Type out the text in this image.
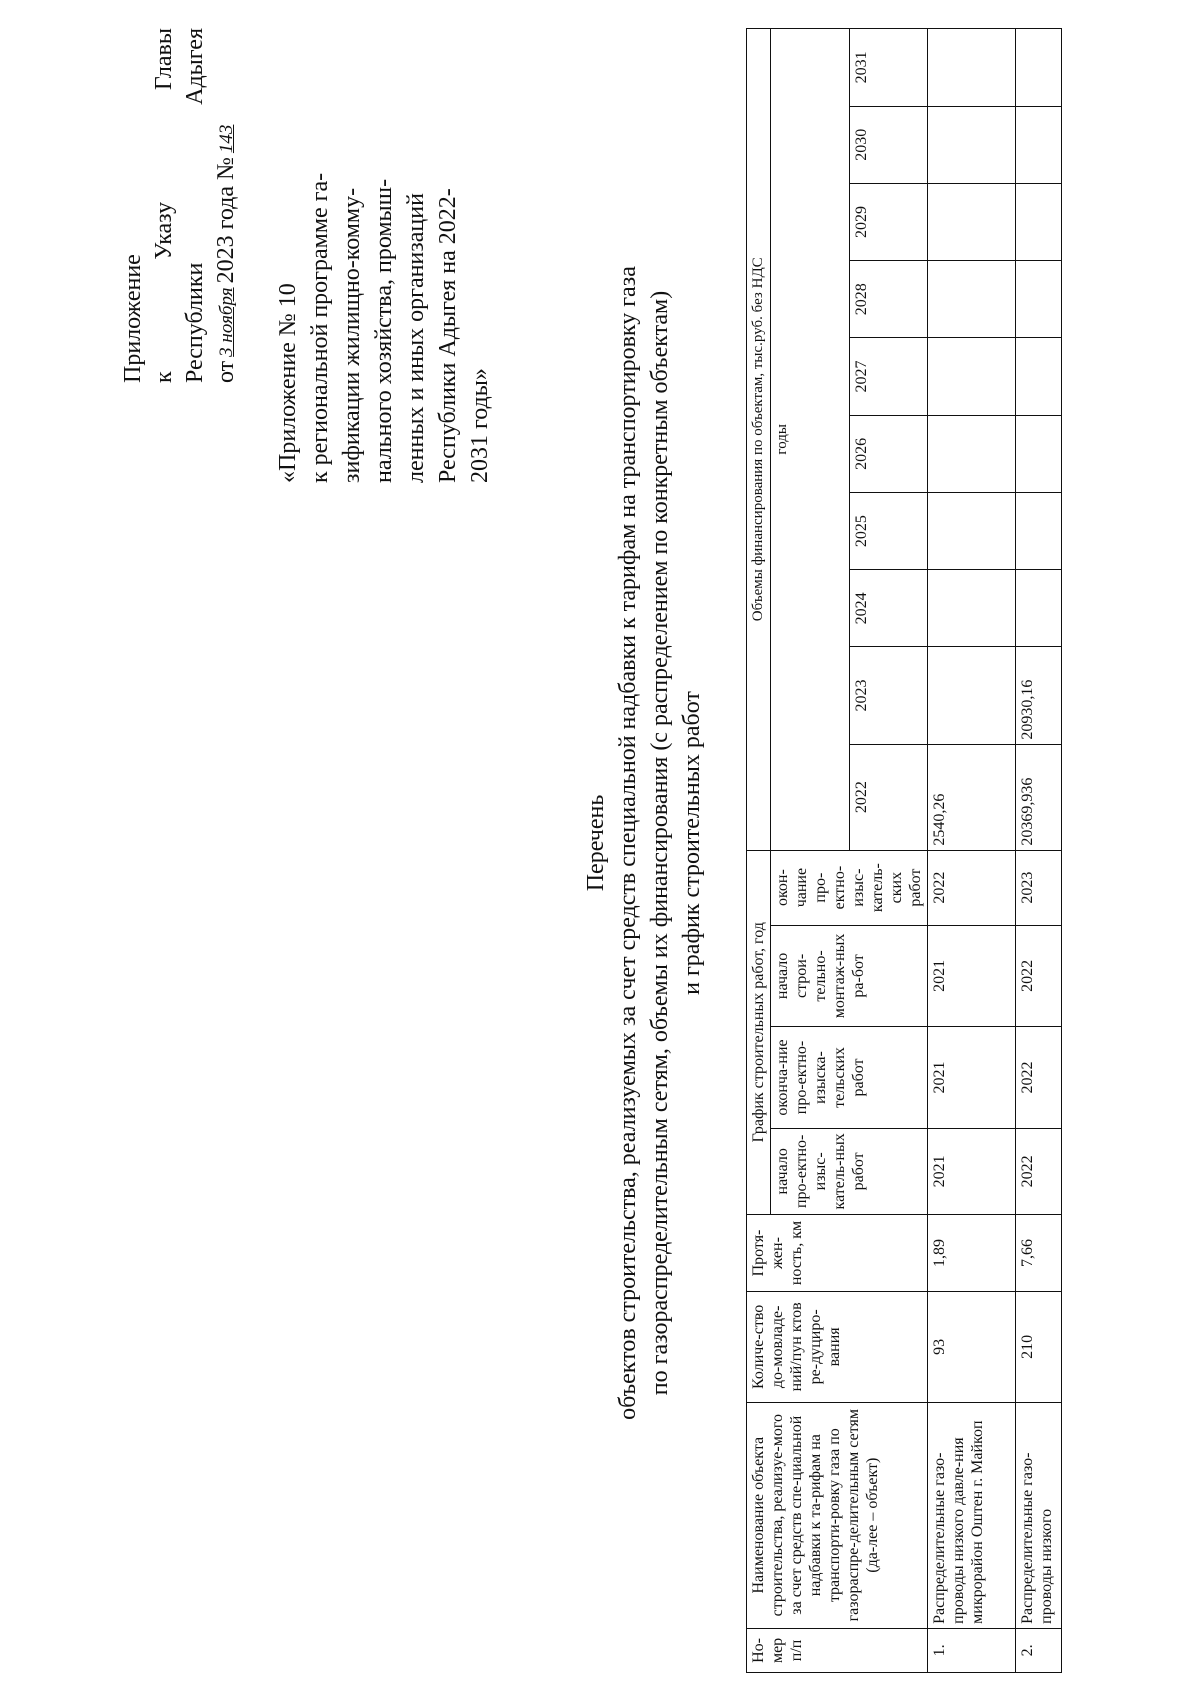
Приложение к
Указу
Главы
Республики
Адыгея
от
3 ноября
2023 года №
143
«Приложение № 10 к региональной программе га- зификации жилищно-комму- нального хозяйства, промыш- ленных и иных организаций Республики Адыгея на 2022- 2031 годы»
Перечень объектов строительства, реализуемых за счет средств специальной надбавки к тарифам на транспортировку газа по газораспределительным сетям, объемы их финансирования (с распределением по конкретным объектам) и график строительных работ
Но-мер п/п	Наименование объекта строительства, реализуе-мого за счет средств спе-циальной надбавки к та-рифам на транспорти-ровку газа по газораспре-делительным сетям (да-лее – объект)	Количе-ство до-мовладе-ний/пун ктов ре-дуциро-вания	Протя-жен-ность, км	График строительных работ, год				Объемы финансирования по объектам, тыс.руб. без НДС									
				начало про-ектно-изыс-катель-ных работ	оконча-ние про-ектно-изыска-тельских работ	начало строи-тельно-монтаж-ных ра-бот	окон-чание про-ектно-изыс-катель-ских работ	годы									
								2022	2023	2024	2025	2026	2027	2028	2029	2030	2031
1.	Распределительные газо-проводы низкого давле-ния микрорайон Оштен г. Майкоп	93	1,89	2021	2021	2021	2022	2540,26									
2.	Распределительные газо-проводы низкого	210	7,66	2022	2022	2022	2023	20369,936	20930,16								
